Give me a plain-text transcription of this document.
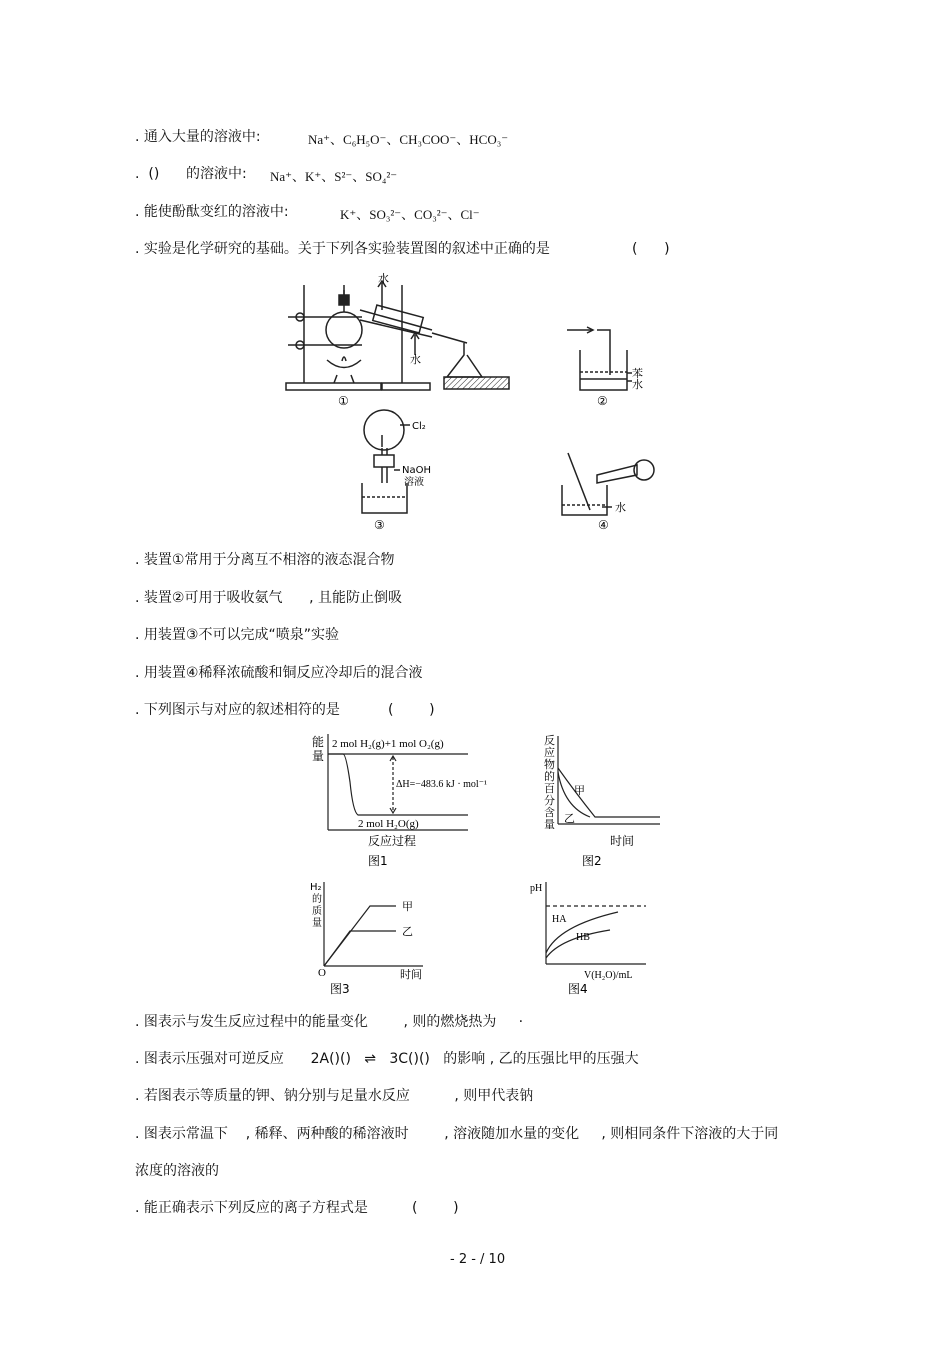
. 通入大量的溶液中:	Na⁺、C₆H₅O⁻、CH₃COO⁻、HCO₃⁻
.  ()      的溶液中: Na⁺、K⁺、S²⁻、SO₄²⁻
. 能使酚酞变红的溶液中:	K⁺、SO₃²⁻、CO₃²⁻、Cl⁻
. 实验是化学研究的基础。关于下列各实验装置图的叙述中正确的是	(      )
水
水
①
苯
水
②
Cl₂
NaOH
溶液
③
水
④
. 装置①常用于分离互不相溶的液态混合物
. 装置②可用于吸收氨气      , 且能防止倒吸
. 用装置③不可以完成“喷泉”实验
. 用装置④稀释浓硫酸和铜反应冷却后的混合液
. 下列图示与对应的叙述相符的是	(        )
能
量
2 mol H₂(g)+1 mol O₂(g)
ΔH=−483.6 kJ · mol⁻¹
2 mol H₂O(g)
反应过程
图1
反
应
物
的
百
分
含
量
甲
乙
时间
图2
H₂
的
质
量
甲
乙
O	时间
图3
pH
HA
HB
V(H₂O)/mL
图4
. 图表示与发生反应过程中的能量变化        , 则的燃烧热为     ·
. 图表示压强对可逆反应      2A()()   ⇌   3C()()   的影响 , 乙的压强比甲的压强大
. 若图表示等质量的钾、钠分别与足量水反应          , 则甲代表钠
. 图表示常温下    , 稀释、两种酸的稀溶液时        , 溶液随加水量的变化     , 则相同条件下溶液的大于同
浓度的溶液的
. 能正确表示下列反应的离子方程式是	(        )
- 2 - / 10
